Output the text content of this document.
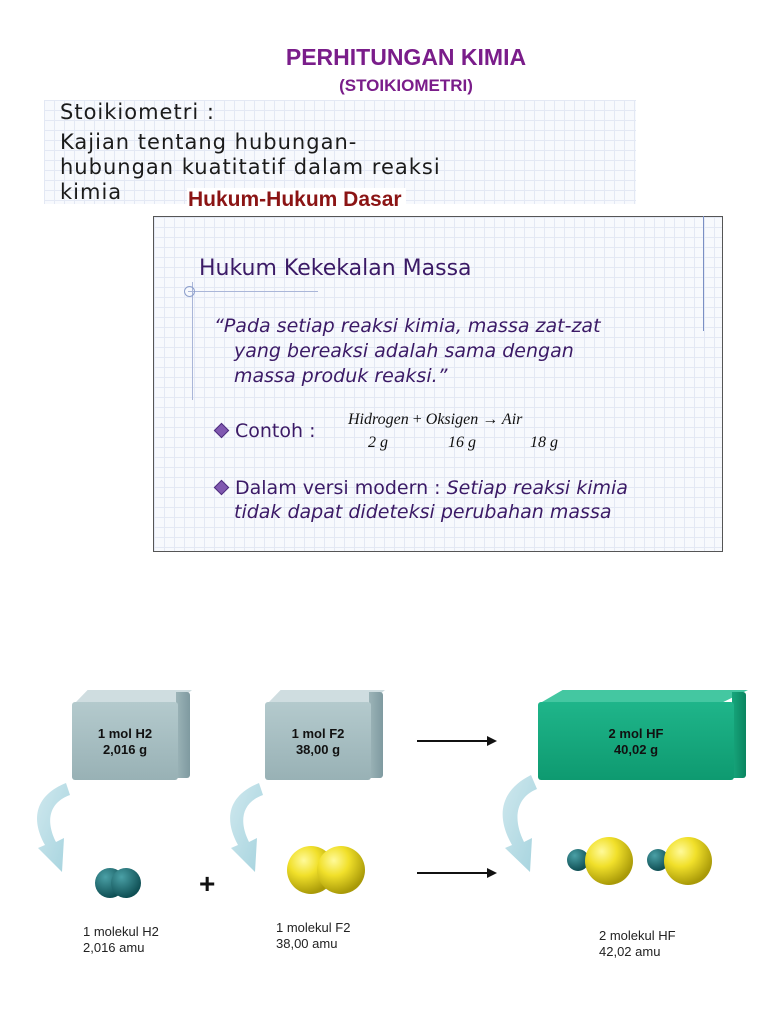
PERHITUNGAN KIMIA
(STOIKIOMETRI)
Stoikiometri :
Kajian tentang hubungan-
hubungan kuatitatif dalam reaksi
kimia	Hukum-Hukum Dasar
Hukum Kekekalan Massa
“Pada setiap reaksi kimia, massa zat-zat
yang bereaksi adalah sama dengan
massa produk reaksi.”
Contoh :
Hidrogen + Oksigen → Air
2 g	16 g	18 g
Dalam versi modern : Setiap reaksi kimia
tidak dapat dideteksi perubahan massa
1 mol H2
2,016 g
1 mol F2
38,00 g
2 mol HF
40,02 g
+
1 molekul H2
2,016 amu
1 molekul F2
38,00 amu
2 molekul HF
42,02 amu
